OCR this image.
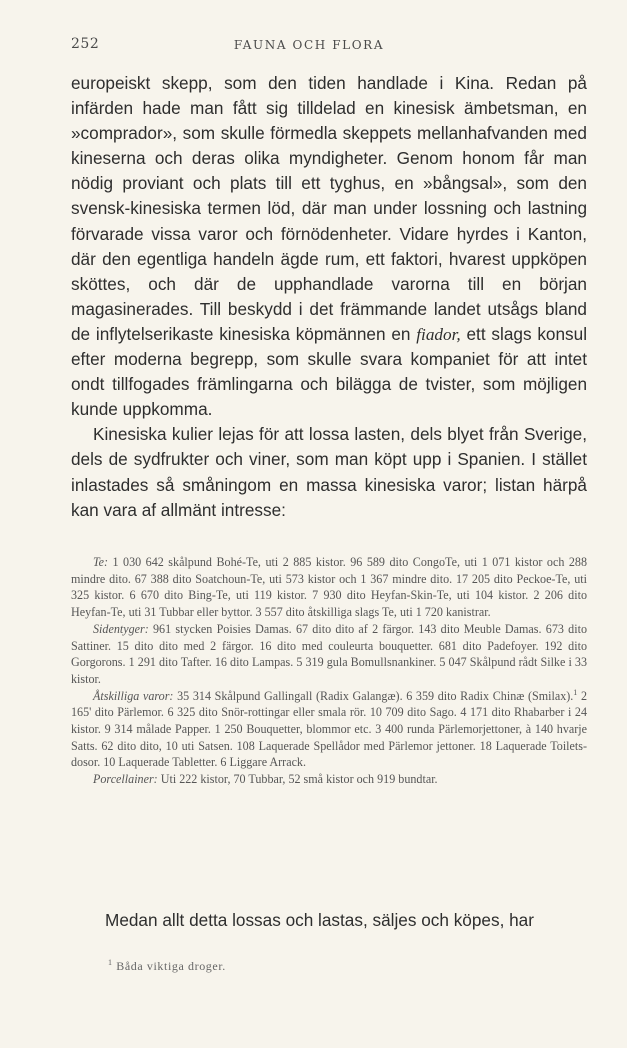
252	FAUNA OCH FLORA

europeiskt skepp, som den tiden handlade i Kina. Redan på infärden hade man fått sig tilldelad en kinesisk ämbetsman, en »comprador», som skulle förmedla skeppets mellanhafvanden med kineserna och deras olika myndigheter. Genom honom får man nödig proviant och plats till ett tyghus, en »bångsal», som den svensk-kinesiska termen löd, där man under lossning och lastning förvarade vissa varor och förnödenheter. Vidare hyrdes i Kanton, där den egentliga handeln ägde rum, ett faktori, hvarest uppköpen sköttes, och där de upphandlade varorna till en början magasinerades. Till beskydd i det främmande landet utsågs bland de inflytelserikaste kinesiska köpmännen en fiador, ett slags konsul efter moderna begrepp, som skulle svara kompaniet för att intet ondt tillfogades främlingarna och bilägga de tvister, som möjligen kunde uppkomma.

Kinesiska kulier lejas för att lossa lasten, dels blyet från Sverige, dels de sydfrukter och viner, som man köpt upp i Spanien. I stället inlastades så småningom en massa kinesiska varor; listan härpå kan vara af allmänt intresse:

Te: 1 030 642 skålpund Bohé-Te, uti 2 885 kistor. 96 589 dito CongoTe, uti 1 071 kistor och 288 mindre dito. 67 388 dito Soatchoun-Te, uti 573 kistor och 1 367 mindre dito. 17 205 dito Peckoe-Te, uti 325 kistor. 6 670 dito Bing-Te, uti 119 kistor. 7 930 dito Heyfan-Skin-Te, uti 104 kistor. 2 206 dito Heyfan-Te, uti 31 Tubbar eller byttor. 3 557 dito åtskilliga slags Te, uti 1 720 kanistrar.

Sidentyger: 961 stycken Poisies Damas. 67 dito dito af 2 färgor. 143 dito Meuble Damas. 673 dito Sattiner. 15 dito dito med 2 färgor. 16 dito med couleurta bouquetter. 681 dito Padefoyer. 192 dito Gorgorons. 1 291 dito Tafter. 16 dito Lampas. 5 319 gula Bomullsnankiner. 5 047 Skålpund rådt Silke i 33 kistor.

Åtskilliga varor: 35 314 Skålpund Gallingall (Radix Galangæ). 6 359 dito Radix Chinæ (Smilax).$^1$ 2 165' dito Pärlemor. 6 325 dito Snör-rottingar eller smala rör. 10 709 dito Sago. 4 171 dito Rhabarber i 24 kistor. 9 314 målade Papper. 1 250 Bouquetter, blommor etc. 3 400 runda Pärlemorjettoner, à 140 hvarje Satts. 62 dito dito, 10 uti Satsen. 108 Laquerade Spellådor med Pärlemor jettoner. 18 Laquerade Toilets-dosor. 10 Laquerade Tabletter. 6 Liggare Arrack.

Porcellainer: Uti 222 kistor, 70 Tubbar, 52 små kistor och 919 bundtar.

Medan allt detta lossas och lastas, säljes och köpes, har

$^1$ Båda viktiga droger.
